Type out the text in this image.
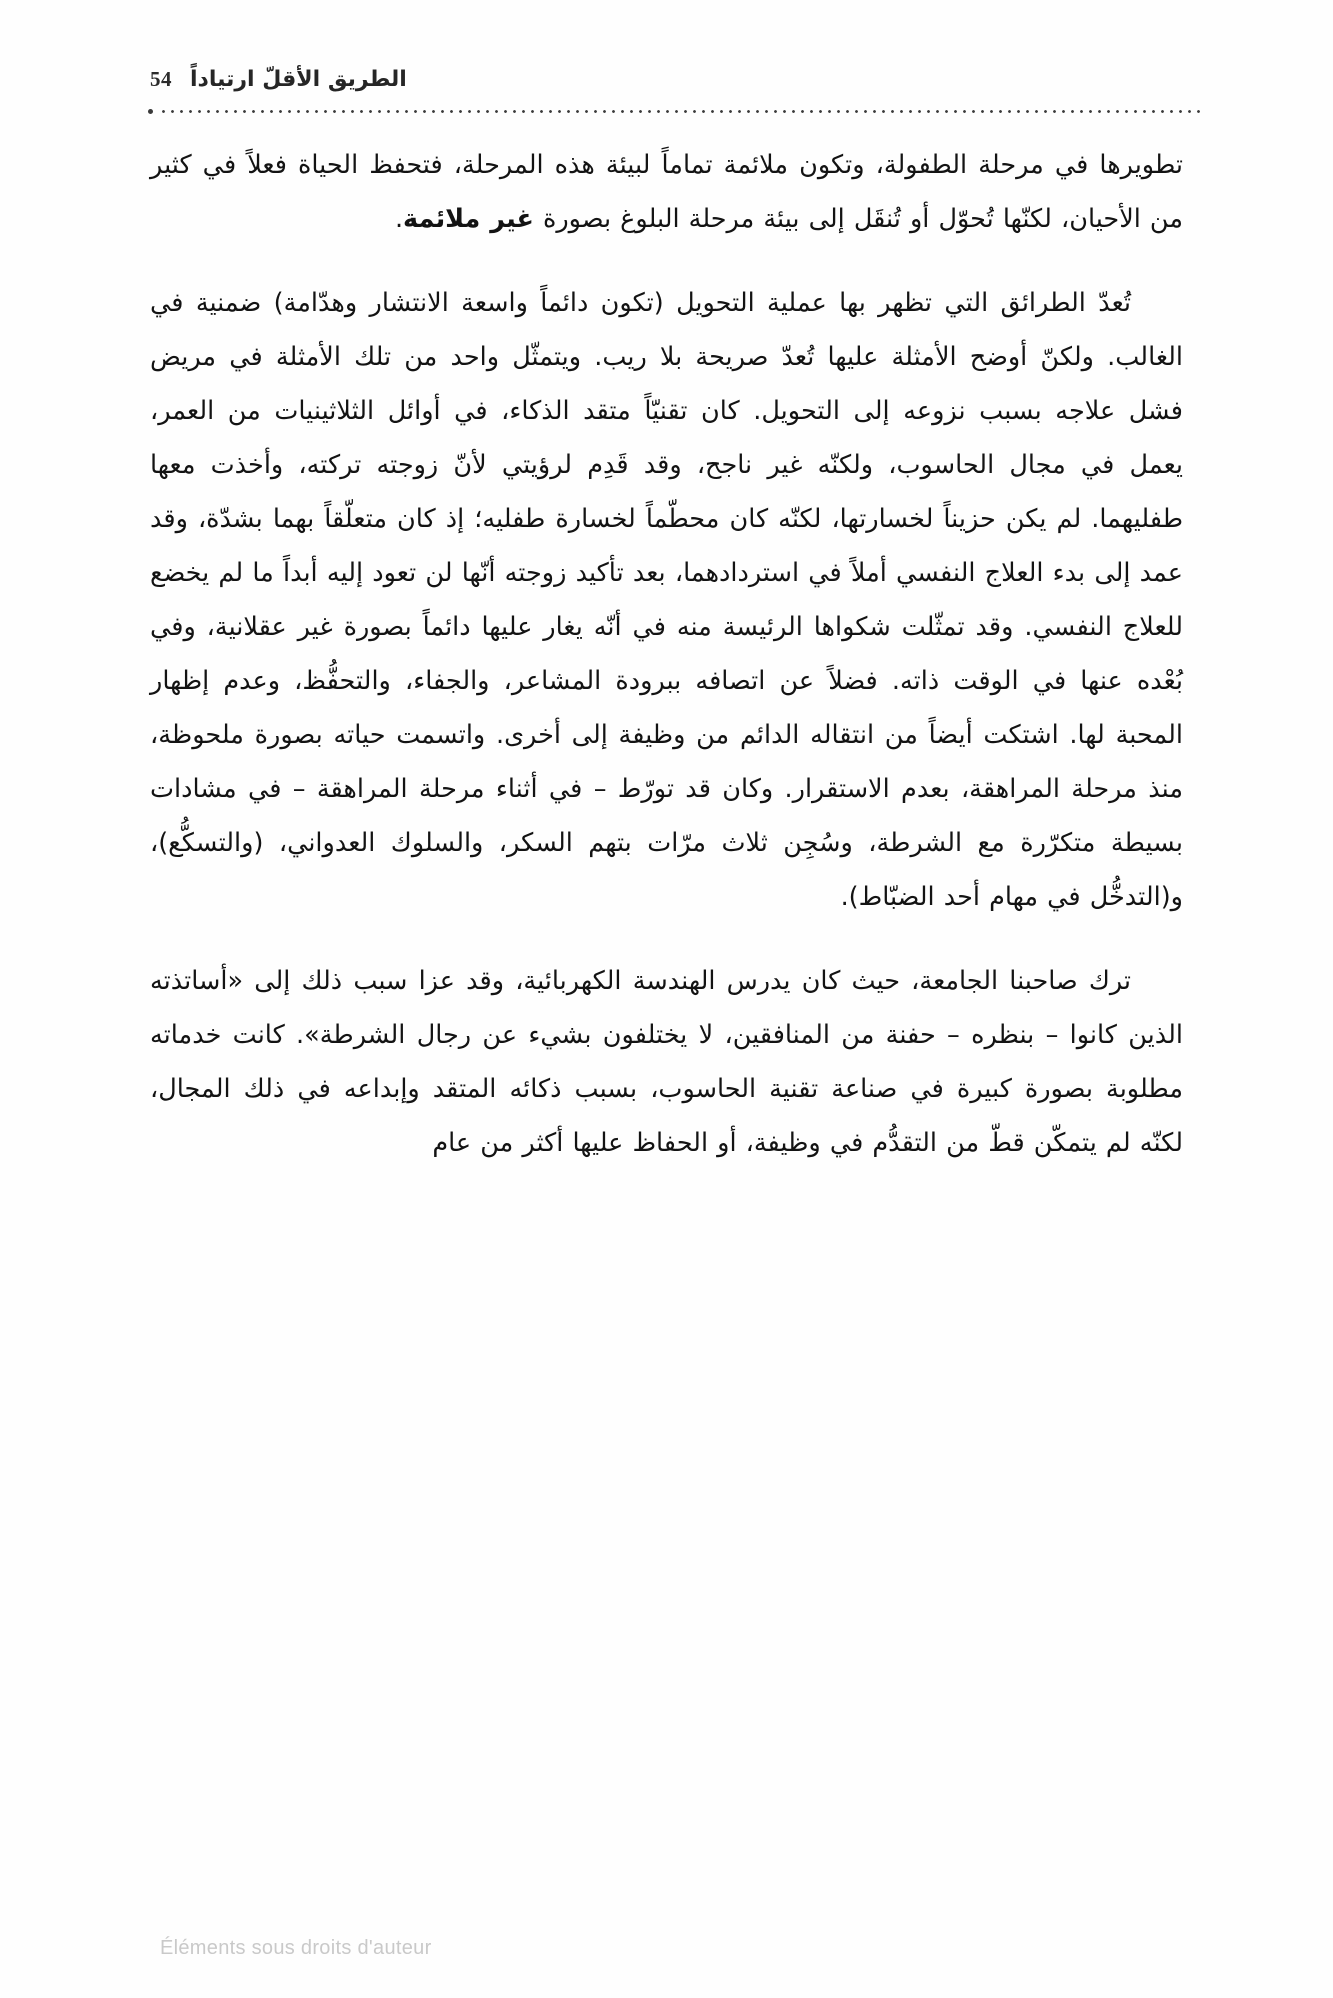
54 الطريق الأقلّ ارتياداً

تطويرها في مرحلة الطفولة، وتكون ملائمة تماماً لبيئة هذه المرحلة، فتحفظ الحياة فعلاً في كثير من الأحيان، لكنّها تُحوّل أو تُنقَل إلى بيئة مرحلة البلوغ بصورة غير ملائمة.

تُعدّ الطرائق التي تظهر بها عملية التحويل (تكون دائماً واسعة الانتشار وهدّامة) ضمنية في الغالب. ولكنّ أوضح الأمثلة عليها تُعدّ صريحة بلا ريب. ويتمثّل واحد من تلك الأمثلة في مريض فشل علاجه بسبب نزوعه إلى التحويل. كان تقنيّاً متقد الذكاء، في أوائل الثلاثينيات من العمر، يعمل في مجال الحاسوب، ولكنّه غير ناجح، وقد قَدِم لرؤيتي لأنّ زوجته تركته، وأخذت معها طفليهما. لم يكن حزيناً لخسارتها، لكنّه كان محطّماً لخسارة طفليه؛ إذ كان متعلّقاً بهما بشدّة، وقد عمد إلى بدء العلاج النفسي أملاً في استردادهما، بعد تأكيد زوجته أنّها لن تعود إليه أبداً ما لم يخضع للعلاج النفسي. وقد تمثّلت شكواها الرئيسة منه في أنّه يغار عليها دائماً بصورة غير عقلانية، وفي بُعْده عنها في الوقت ذاته. فضلاً عن اتصافه ببرودة المشاعر، والجفاء، والتحفُّظ، وعدم إظهار المحبة لها. اشتكت أيضاً من انتقاله الدائم من وظيفة إلى أخرى. واتسمت حياته بصورة ملحوظة، منذ مرحلة المراهقة، بعدم الاستقرار. وكان قد تورّط – في أثناء مرحلة المراهقة – في مشادات بسيطة متكرّرة مع الشرطة، وسُجِن ثلاث مرّات بتهم السكر، والسلوك العدواني، (والتسكُّع)، و(التدخُّل في مهام أحد الضبّاط).

ترك صاحبنا الجامعة، حيث كان يدرس الهندسة الكهربائية، وقد عزا سبب ذلك إلى «أساتذته الذين كانوا – بنظره – حفنة من المنافقين، لا يختلفون بشيء عن رجال الشرطة». كانت خدماته مطلوبة بصورة كبيرة في صناعة تقنية الحاسوب، بسبب ذكائه المتقد وإبداعه في ذلك المجال، لكنّه لم يتمكّن قطّ من التقدُّم في وظيفة، أو الحفاظ عليها أكثر من عام

Éléments sous droits d'auteur
